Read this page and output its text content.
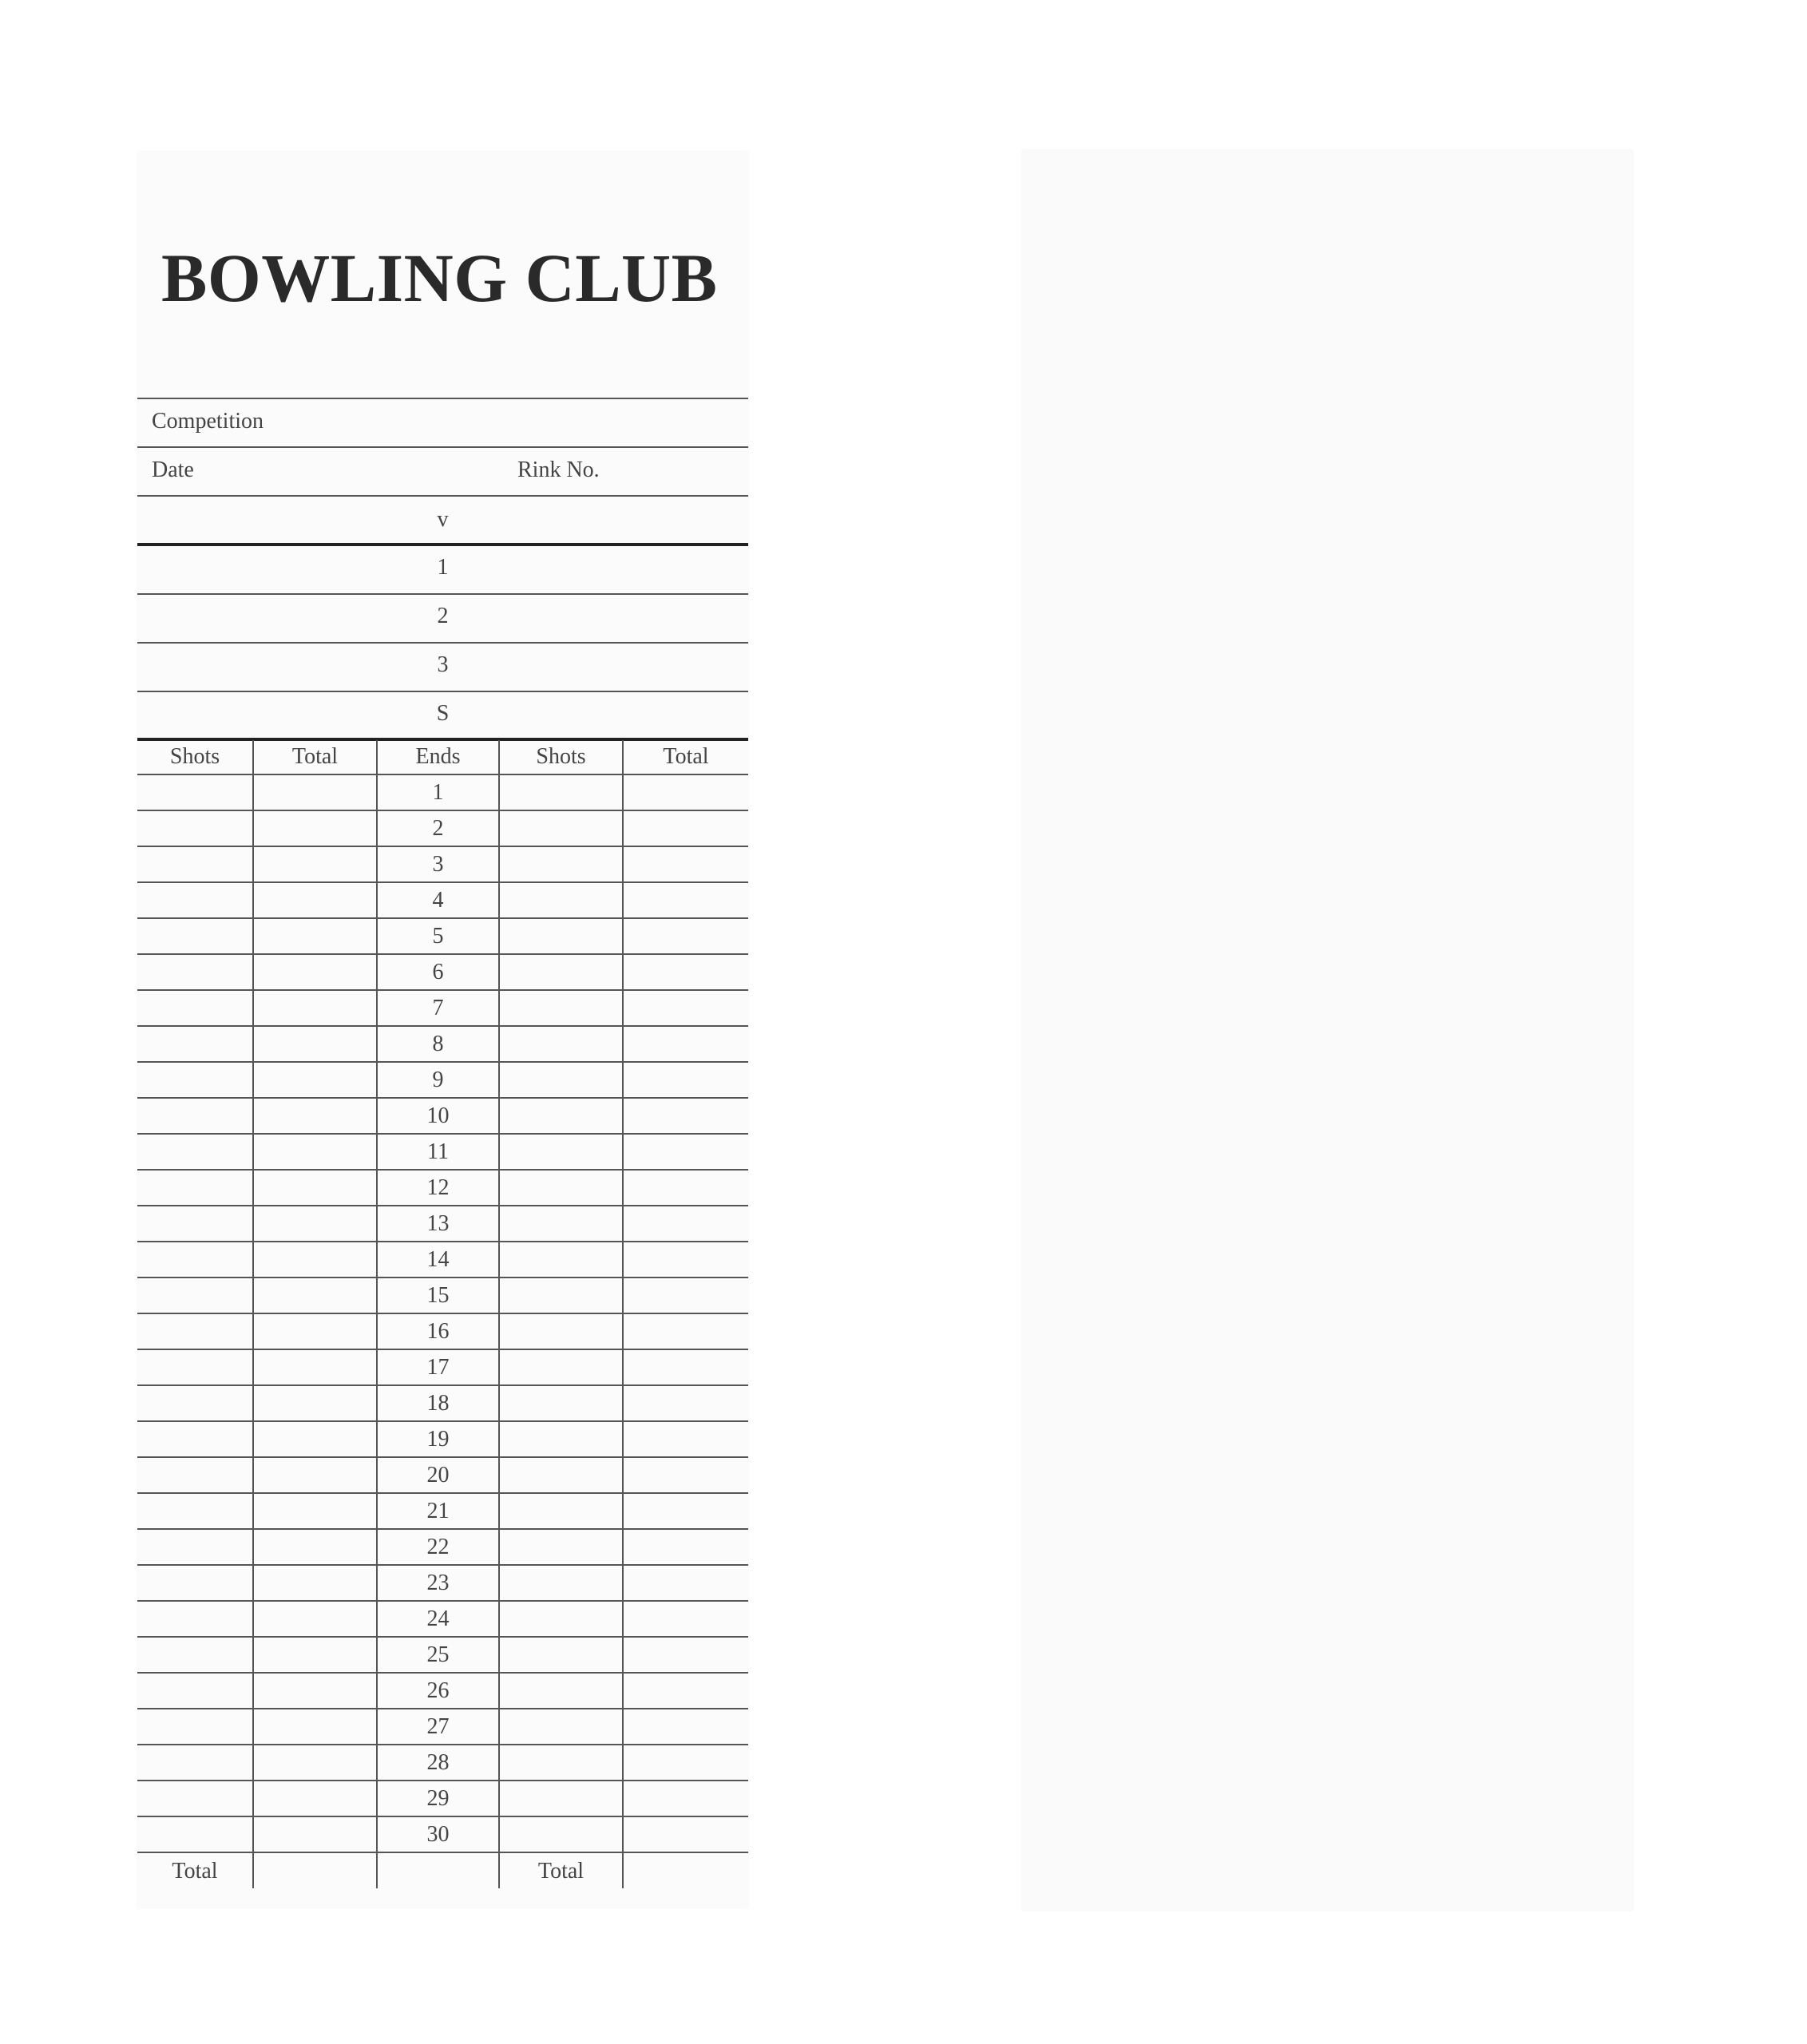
BOWLING CLUB
Competition
Date	Rink No.
v
1
2
3
S
Shots	Total	Ends	Shots	Total
		1		
		2		
		3		
		4		
		5		
		6		
		7		
		8		
		9		
		10		
		11		
		12		
		13		
		14		
		15		
		16		
		17		
		18		
		19		
		20		
		21		
		22		
		23		
		24		
		25		
		26		
		27		
		28		
		29		
		30		
Total			Total	
